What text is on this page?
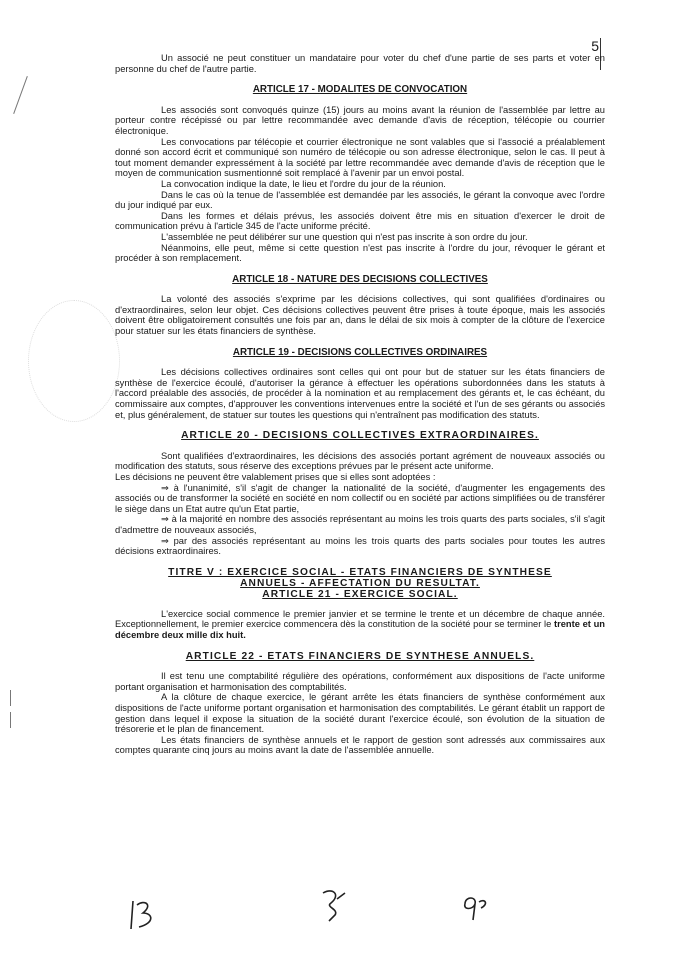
5

Un associé ne peut constituer un mandataire pour voter du chef d'une partie de ses parts et voter en personne du chef de l'autre partie.

ARTICLE 17 - MODALITES DE CONVOCATION

Les associés sont convoqués quinze (15) jours au moins avant la réunion de l'assemblée par lettre au porteur contre récépissé ou par lettre recommandée avec demande d'avis de réception, télécopie ou courrier électronique.

Les convocations par télécopie et courrier électronique ne sont valables que si l'associé a préalablement donné son accord écrit et communiqué son numéro de télécopie ou son adresse électronique, selon le cas. Il peut à tout moment demander expressément à la société par lettre recommandée avec demande d'avis de réception que le moyen de communication susmentionné soit remplacé à l'avenir par un envoi postal.

La convocation indique la date, le lieu et l'ordre du jour de la réunion.

Dans le cas où la tenue de l'assemblée est demandée par les associés, le gérant la convoque avec l'ordre du jour indiqué par eux.

Dans les formes et délais prévus, les associés doivent être mis en situation d'exercer le droit de communication prévu à l'article 345 de l'acte uniforme précité.

L'assemblée ne peut délibérer sur une question qui n'est pas inscrite à son ordre du jour.

Néanmoins, elle peut, même si cette question n'est pas inscrite à l'ordre du jour, révoquer le gérant et procéder à son remplacement.

ARTICLE 18 - NATURE DES DECISIONS COLLECTIVES

La volonté des associés s'exprime par les décisions collectives, qui sont qualifiées d'ordinaires ou d'extraordinaires, selon leur objet. Ces décisions collectives peuvent être prises à toute époque, mais les associés doivent être obligatoirement consultés une fois par an, dans le délai de six mois à compter de la clôture de l'exercice pour statuer sur les états financiers de synthèse.

ARTICLE 19 - DECISIONS COLLECTIVES ORDINAIRES

Les décisions collectives ordinaires sont celles qui ont pour but de statuer sur les états financiers de synthèse de l'exercice écoulé, d'autoriser la gérance à effectuer les opérations subordonnées dans les statuts à l'accord préalable des associés, de procéder à la nomination et au remplacement des gérants et, le cas échéant, du commissaire aux comptes, d'approuver les conventions intervenues entre la société et l'un de ses gérants ou associés et, plus généralement, de statuer sur toutes les questions qui n'entraînent pas modification des statuts.

ARTICLE 20 - DECISIONS COLLECTIVES EXTRAORDINAIRES.

Sont qualifiées d'extraordinaires, les décisions des associés portant agrément de nouveaux associés ou modification des statuts, sous réserve des exceptions prévues par le présent acte uniforme.

Les décisions ne peuvent être valablement prises que si elles sont adoptées :

⇒ à l'unanimité, s'il s'agit de changer la nationalité de la société, d'augmenter les engagements des associés ou de transformer la société en société en nom collectif ou en société par actions simplifiées ou de transférer le siège dans un Etat autre qu'un Etat partie,

⇒ à la majorité en nombre des associés représentant au moins les trois quarts des parts sociales, s'il s'agit d'admettre de nouveaux associés,

⇒ par des associés représentant au moins les trois quarts des parts sociales pour toutes les autres décisions extraordinaires.

TITRE V : EXERCICE SOCIAL - ETATS FINANCIERS DE SYNTHESE
ANNUELS - AFFECTATION DU RESULTAT.
ARTICLE 21 - EXERCICE SOCIAL.

L'exercice social commence le premier janvier et se termine le trente et un décembre de chaque année. Exceptionnellement, le premier exercice commencera dès la constitution de la société pour se terminer le trente et un décembre deux mille dix huit.

ARTICLE 22 - ETATS FINANCIERS DE SYNTHESE ANNUELS.

Il est tenu une comptabilité régulière des opérations, conformément aux dispositions de l'acte uniforme portant organisation et harmonisation des comptabilités.

A la clôture de chaque exercice, le gérant arrête les états financiers de synthèse conformément aux dispositions de l'acte uniforme portant organisation et harmonisation des comptabilités. Le gérant établit un rapport de gestion dans lequel il expose la situation de la société durant l'exercice écoulé, son évolution de la situation de trésorerie et le plan de financement.

Les états financiers de synthèse annuels et le rapport de gestion sont adressés aux commissaires aux comptes quarante cinq jours au moins avant la date de l'assemblée annuelle.
